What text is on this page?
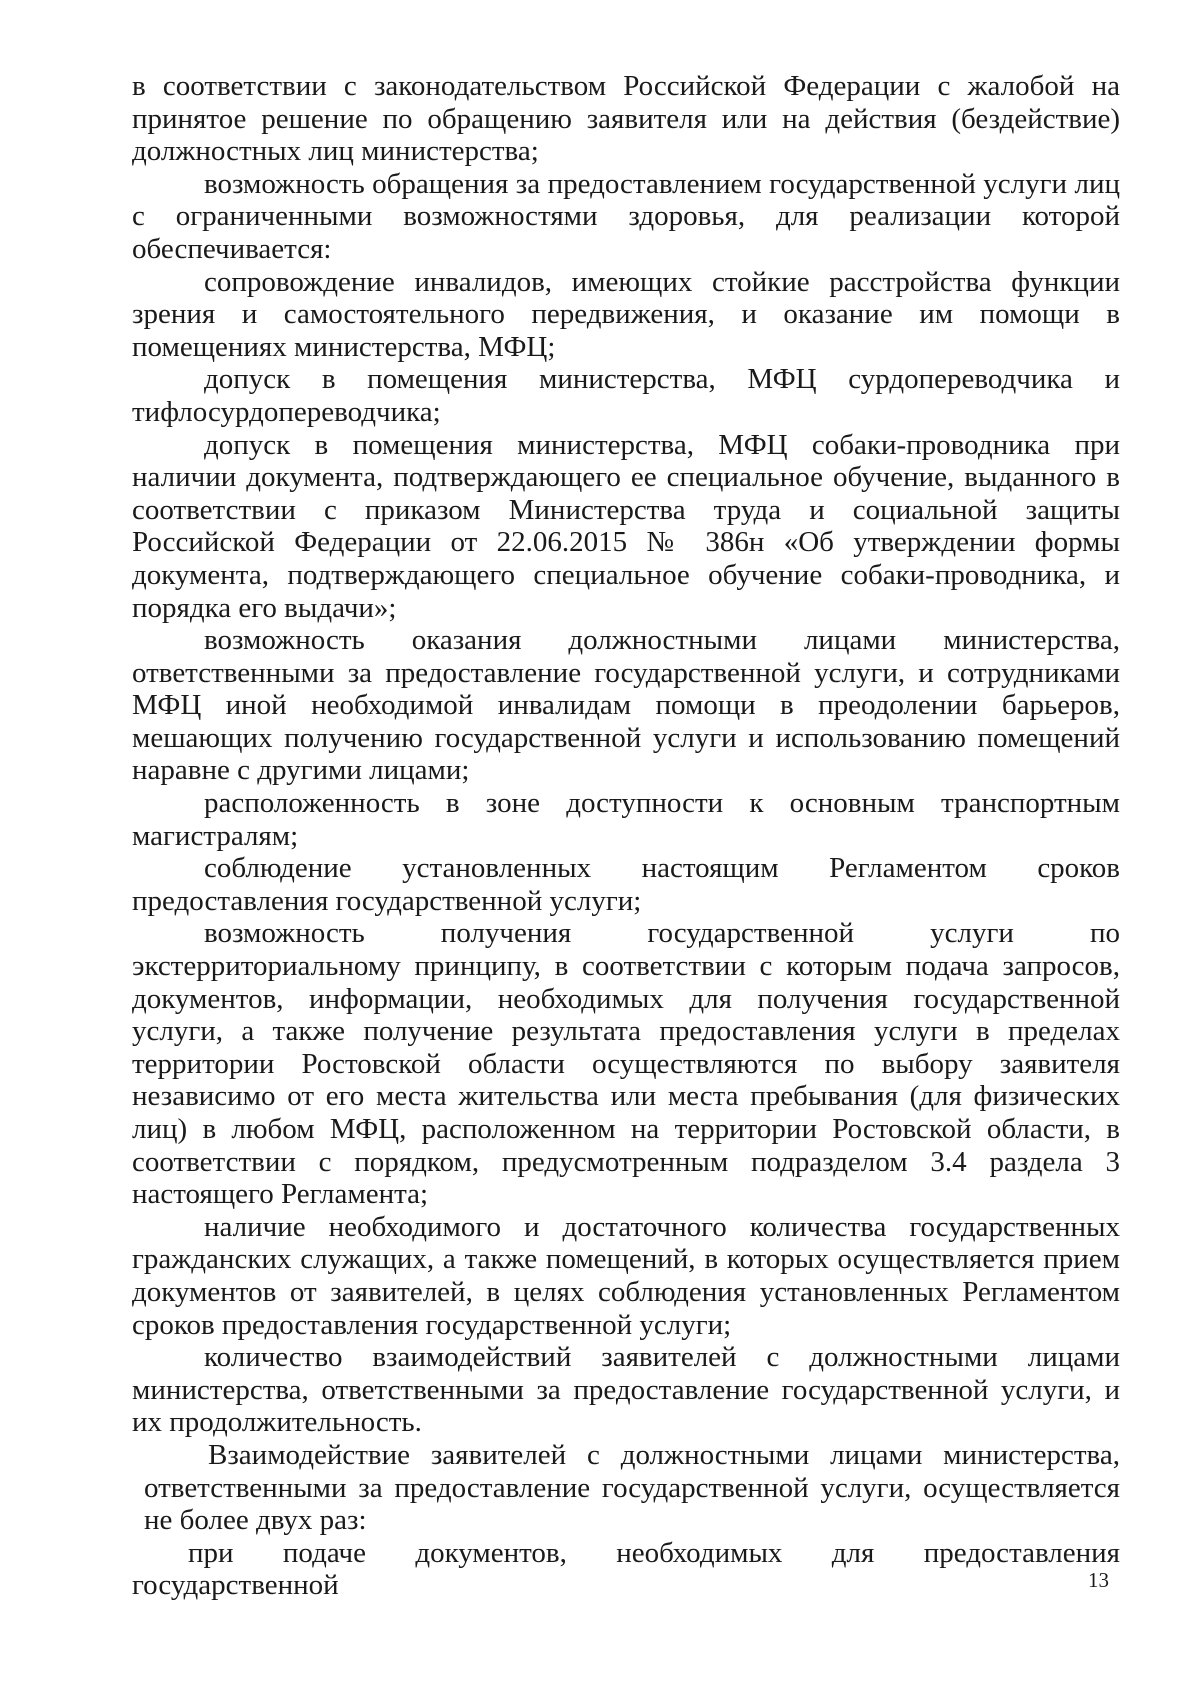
в соответствии с законодательством Российской Федерации с жалобой на принятое решение по обращению заявителя или на действия (бездействие) должностных лиц министерства;

возможность обращения за предоставлением государственной услуги лиц с ограниченными возможностями здоровья, для реализации которой обеспечивается:

сопровождение инвалидов, имеющих стойкие расстройства функции зрения и самостоятельного передвижения, и оказание им помощи в помещениях министерства, МФЦ;

допуск в помещения министерства, МФЦ сурдопереводчика и тифлосурдопереводчика;

допуск в помещения министерства, МФЦ собаки-проводника при наличии документа, подтверждающего ее специальное обучение, выданного в соответствии с приказом Министерства труда и социальной защиты Российской Федерации от 22.06.2015 № 386н «Об утверждении формы документа, подтверждающего специальное обучение собаки-проводника, и порядка его выдачи»;

возможность оказания должностными лицами министерства, ответственными за предоставление государственной услуги, и сотрудниками МФЦ иной необходимой инвалидам помощи в преодолении барьеров, мешающих получению государственной услуги и использованию помещений наравне с другими лицами;

расположенность в зоне доступности к основным транспортным магистралям;

соблюдение установленных настоящим Регламентом сроков предоставления государственной услуги;

возможность получения государственной услуги по экстерриториальному принципу, в соответствии с которым подача запросов, документов, информации, необходимых для получения государственной услуги, а также получение результата предоставления услуги в пределах территории Ростовской области осуществляются по выбору заявителя независимо от его места жительства или места пребывания (для физических лиц) в любом МФЦ, расположенном на территории Ростовской области, в соответствии с порядком, предусмотренным подразделом 3.4 раздела 3 настоящего Регламента;

наличие необходимого и достаточного количества государственных гражданских служащих, а также помещений, в которых осуществляется прием документов от заявителей, в целях соблюдения установленных Регламентом сроков предоставления государственной услуги;

количество взаимодействий заявителей с должностными лицами министерства, ответственными за предоставление государственной услуги, и их продолжительность.

Взаимодействие заявителей с должностными лицами министерства, ответственными за предоставление государственной услуги, осуществляется не более двух раз:

при подаче документов, необходимых для предоставления государственной	13
